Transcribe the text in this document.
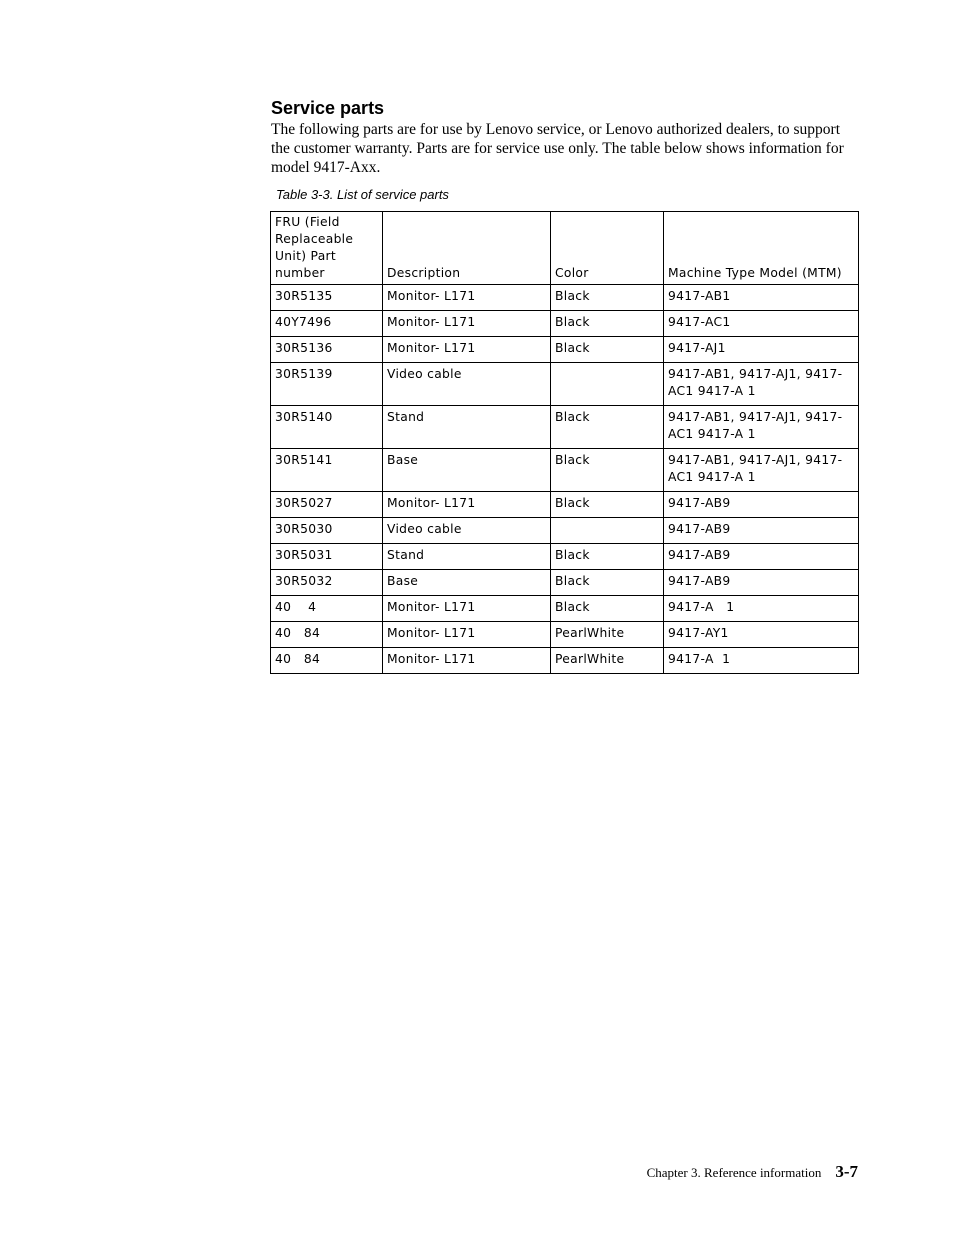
Service parts

The following parts are for use by Lenovo service, or Lenovo authorized dealers, to support the customer warranty. Parts are for service use only. The table below shows information for model 9417-Axx.

Table 3-3. List of service parts

FRU (Field Replaceable Unit) Part number	Description	Color	Machine Type Model (MTM)
30R5135	Monitor- L171	Black	9417-AB1
40Y7496	Monitor- L171	Black	9417-AC1
30R5136	Monitor- L171	Black	9417-AJ1
30R5139	Video cable		9417-AB1, 9417-AJ1, 9417-AC1 9417-A 1
30R5140	Stand	Black	9417-AB1, 9417-AJ1, 9417-AC1 9417-A 1
30R5141	Base	Black	9417-AB1, 9417-AJ1, 9417-AC1 9417-A 1
30R5027	Monitor- L171	Black	9417-AB9
30R5030	Video cable		9417-AB9
30R5031	Stand	Black	9417-AB9
30R5032	Base	Black	9417-AB9
40    4	Monitor- L171	Black	9417-A   1
40   84	Monitor- L171	PearlWhite	9417-AY1
40   84	Monitor- L171	PearlWhite	9417-A  1
Chapter 3. Reference information 3-7
